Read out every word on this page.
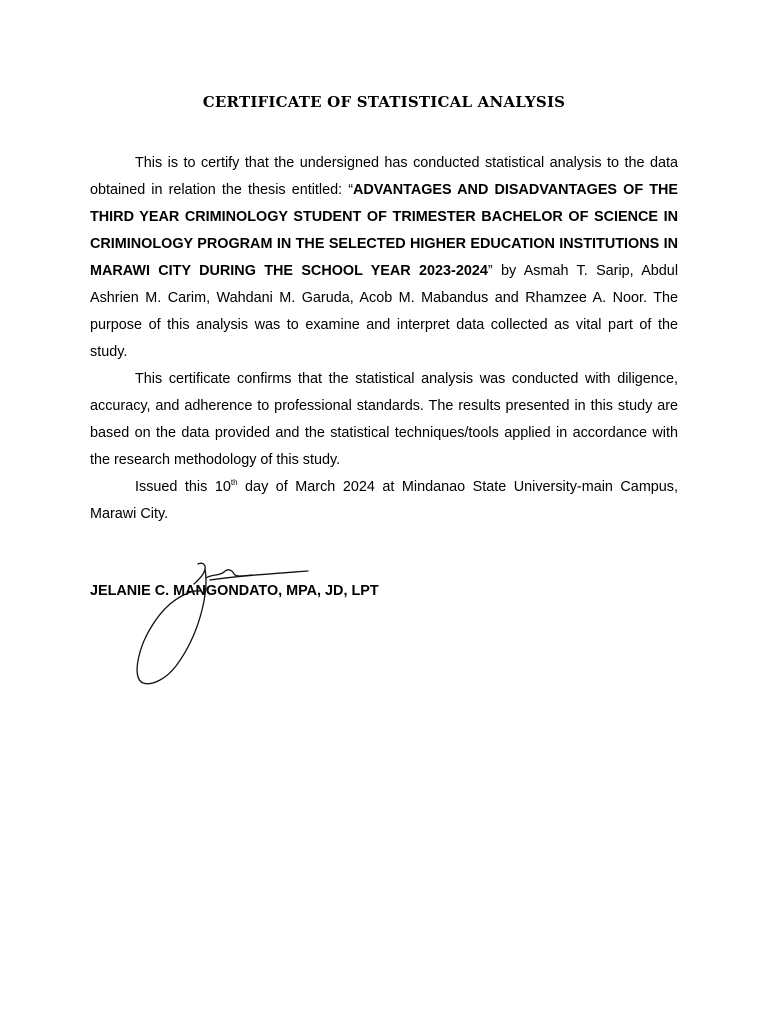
CERTIFICATE OF STATISTICAL ANALYSIS

This is to certify that the undersigned has conducted statistical analysis to the data obtained in relation the thesis entitled: “ADVANTAGES AND DISADVANTAGES OF THE THIRD YEAR CRIMINOLOGY STUDENT OF TRIMESTER BACHELOR OF SCIENCE IN CRIMINOLOGY PROGRAM IN THE SELECTED HIGHER EDUCATION INSTITUTIONS IN MARAWI CITY DURING THE SCHOOL YEAR 2023-2024” by Asmah T. Sarip, Abdul Ashrien M. Carim, Wahdani M. Garuda, Acob M. Mabandus and Rhamzee A. Noor. The purpose of this analysis was to examine and interpret data collected as vital part of the study.

This certificate confirms that the statistical analysis was conducted with diligence, accuracy, and adherence to professional standards. The results presented in this study are based on the data provided and the statistical techniques/tools applied in accordance with the research methodology of this study.

Issued this 10th day of March 2024 at Mindanao State University-main Campus, Marawi City.

JELANIE C. MANGONDATO, MPA, JD, LPT
